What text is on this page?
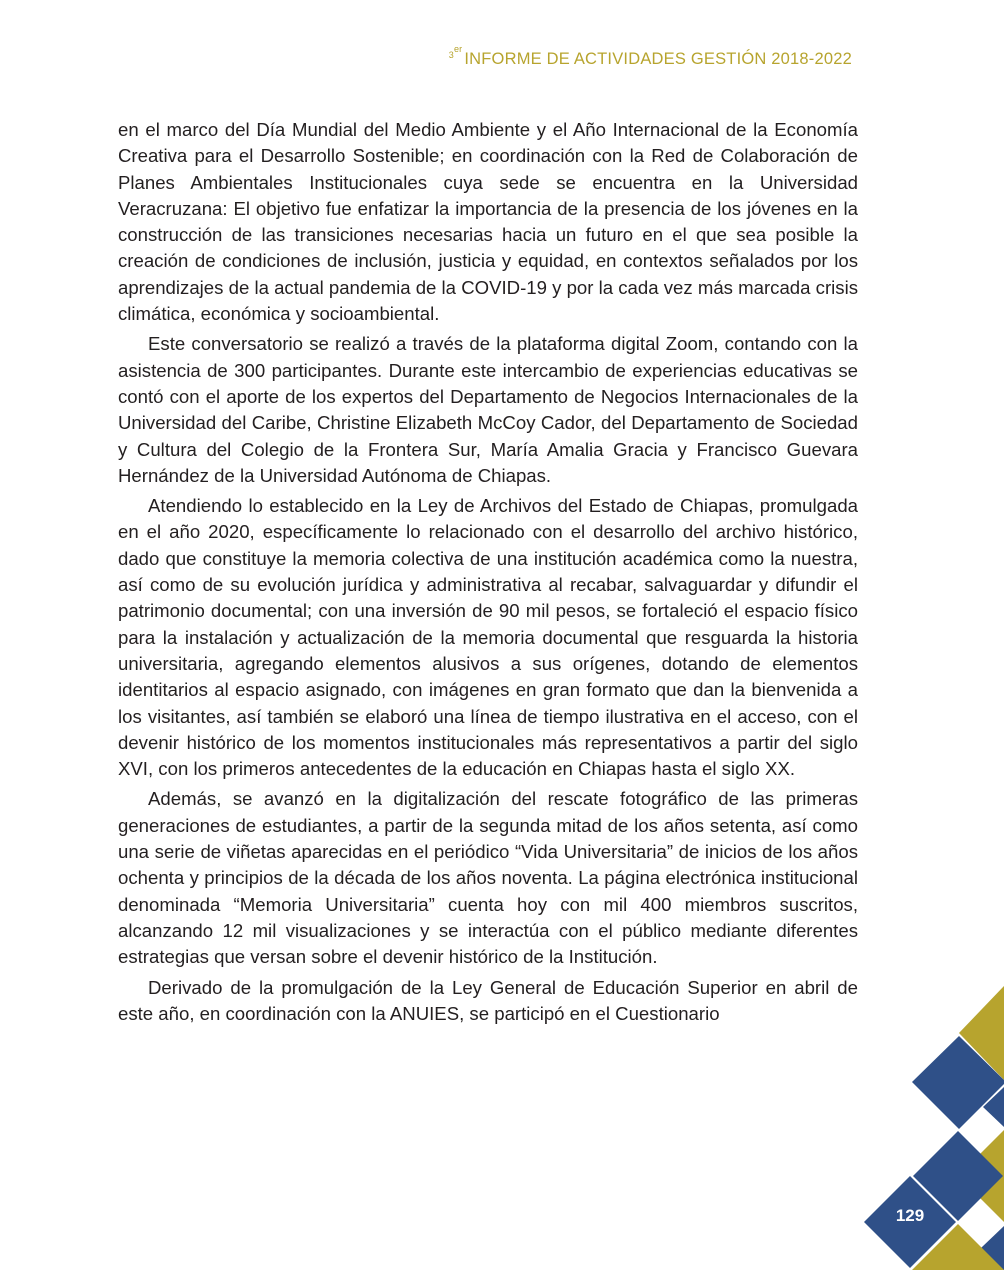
$^{3er}$INFORME DE ACTIVIDADES GESTIÓN 2018-2022

en el marco del Día Mundial del Medio Ambiente y el Año Internacional de la Economía Creativa para el Desarrollo Sostenible; en coordinación con la Red de Colaboración de Planes Ambientales Institucionales cuya sede se encuentra en la Universidad Veracruzana: El objetivo fue enfatizar la importancia de la presencia de los jóvenes en la construcción de las transiciones necesarias hacia un futuro en el que sea posible la creación de condiciones de inclusión, justicia y equidad, en contextos señalados por los aprendizajes de la actual pandemia de la COVID-19 y por la cada vez más marcada crisis climática, económica y socioambiental.

Este conversatorio se realizó a través de la plataforma digital Zoom, contando con la asistencia de 300 participantes. Durante este intercambio de experiencias educativas se contó con el aporte de los expertos del Departamento de Negocios Internacionales de la Universidad del Caribe, Christine Elizabeth McCoy Cador, del Departamento de Sociedad y Cultura del Colegio de la Frontera Sur, María Amalia Gracia y Francisco Guevara Hernández de la Universidad Autónoma de Chiapas.

Atendiendo lo establecido en la Ley de Archivos del Estado de Chiapas, promulgada en el año 2020, específicamente lo relacionado con el desarrollo del archivo histórico, dado que constituye la memoria colectiva de una institución académica como la nuestra, así como de su evolución jurídica y administrativa al recabar, salvaguardar y difundir el patrimonio documental; con una inversión de 90 mil pesos, se fortaleció el espacio físico para la instalación y actualización de la memoria documental que resguarda la historia universitaria, agregando elementos alusivos a sus orígenes, dotando de elementos identitarios al espacio asignado, con imágenes en gran formato que dan la bienvenida a los visitantes, así también se elaboró una línea de tiempo ilustrativa en el acceso, con el devenir histórico de los momentos institucionales más representativos a partir del siglo XVI, con los primeros antecedentes de la educación en Chiapas hasta el siglo XX.

Además, se avanzó en la digitalización del rescate fotográfico de las primeras generaciones de estudiantes, a partir de la segunda mitad de los años setenta, así como una serie de viñetas aparecidas en el periódico “Vida Universitaria” de inicios de los años ochenta y principios de la década de los años noventa. La página electrónica institucional denominada “Memoria Universitaria” cuenta hoy con mil 400 miembros suscritos, alcanzando 12 mil visualizaciones y se interactúa con el público mediante diferentes estrategias que versan sobre el devenir histórico de la Institución.

Derivado de la promulgación de la Ley General de Educación Superior en abril de este año, en coordinación con la ANUIES, se participó en el Cuestionario

129
